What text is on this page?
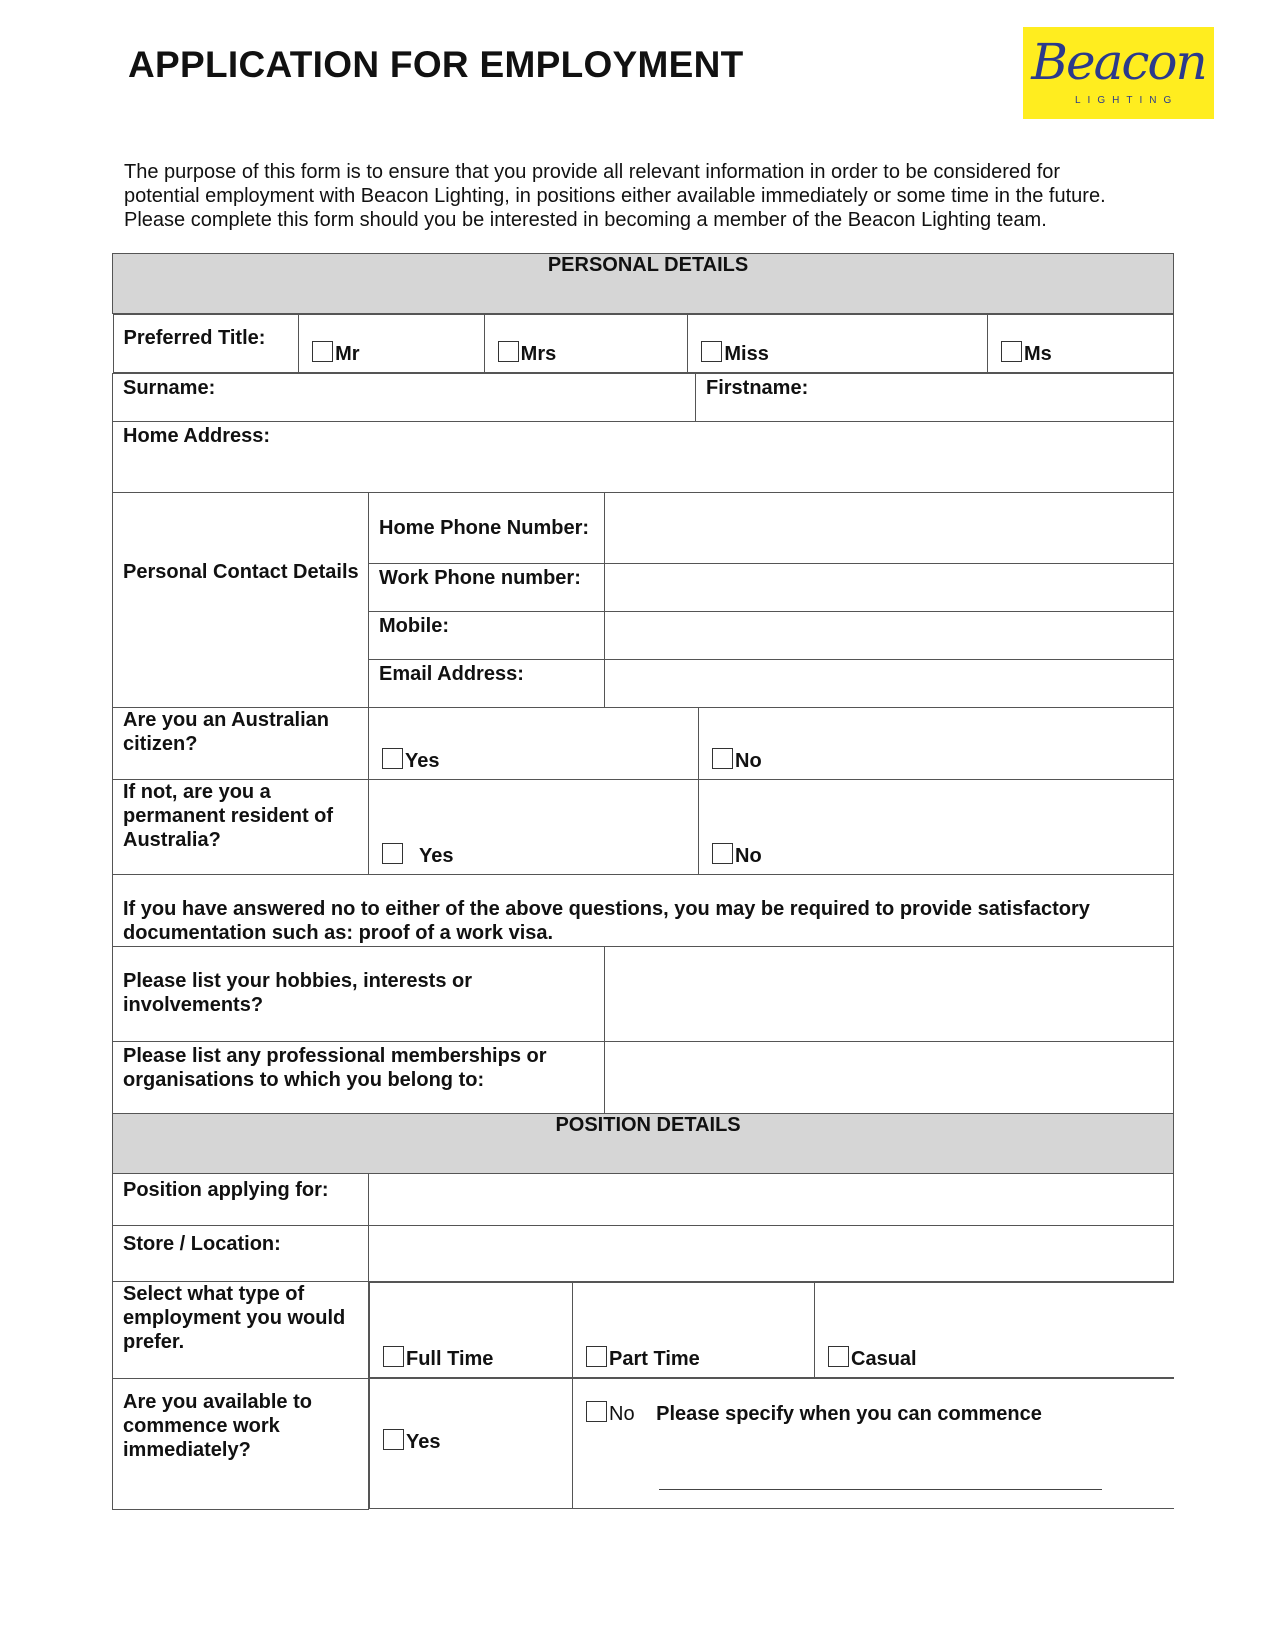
APPLICATION FOR EMPLOYMENT	Beacon
LIGHTING
The purpose of this form is to ensure that you provide all relevant information in order to be considered for
potential employment with Beacon Lighting, in positions either available immediately or some time in the future.
Please complete this form should you be interested in becoming a member of the Beacon Lighting team.
PERSONAL DETAILS

Preferred Title:

Mr	Mrs	Miss	Ms

Surname:	Firstname:

Home Address:

Personal Contact Details
	Home Phone Number:	

Work Phone number:

Mobile:

Email Address:

Are you an Australian citizen?

Yes	No

If not, are you a permanent resident of Australia?

Yes	No

If you have answered no to either of the above questions, you may be required to provide satisfactory documentation such as: proof of a work visa.

Please list your hobbies, interests or involvements?

Please list any professional memberships or organisations to which you belong to:

POSITION DETAILS

Position applying for:

Store / Location:

Select what type of employment you would prefer.

Full Time	Part Time	Casual

Are you available to commence work immediately?
		Yes

No Please specify when you can commence
